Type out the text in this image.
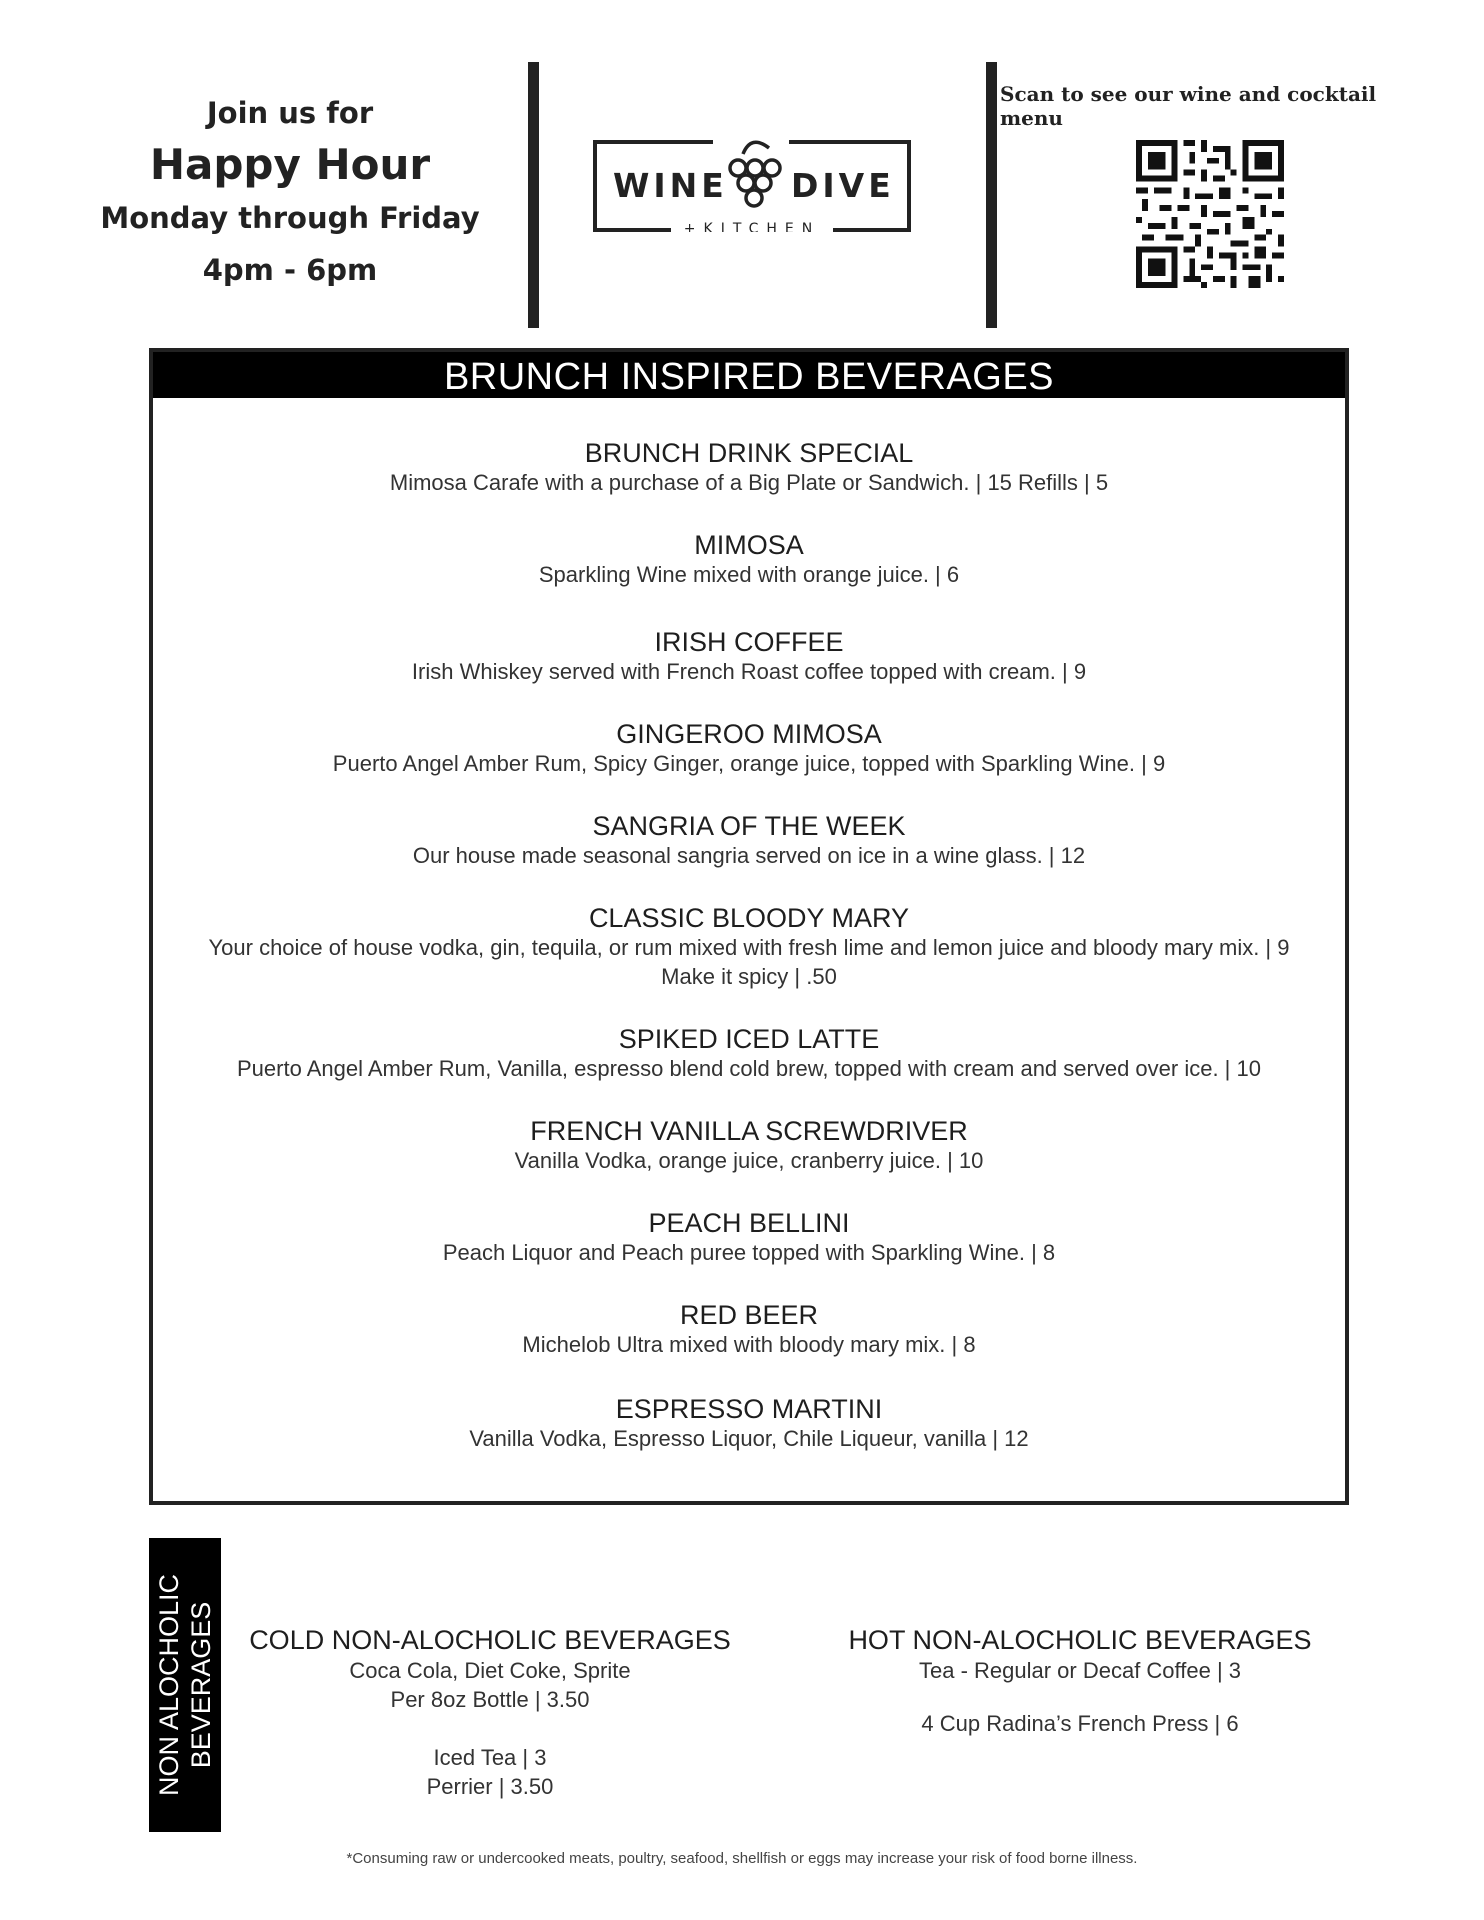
Join us for
Happy Hour
Monday through Friday
4pm - 6pm
WINE DIVE
+KITCHEN
Scan to see our wine and cocktail menu
BRUNCH INSPIRED BEVERAGES
BRUNCH DRINK SPECIAL
Mimosa Carafe with a purchase of a Big Plate or Sandwich. | 15 Refills | 5
MIMOSA
Sparkling Wine mixed with orange juice. | 6
IRISH COFFEE
Irish Whiskey served with French Roast coffee topped with cream. | 9
GINGEROO MIMOSA
Puerto Angel Amber Rum, Spicy Ginger, orange juice, topped with Sparkling Wine. | 9
SANGRIA OF THE WEEK
Our house made seasonal sangria served on ice in a wine glass. | 12
CLASSIC BLOODY MARY
Your choice of house vodka, gin, tequila, or rum mixed with fresh lime and lemon juice and bloody mary mix. | 9
Make it spicy | .50
SPIKED ICED LATTE
Puerto Angel Amber Rum, Vanilla, espresso blend cold brew, topped with cream and served over ice. | 10
FRENCH VANILLA SCREWDRIVER
Vanilla Vodka, orange juice, cranberry juice. | 10
PEACH BELLINI
Peach Liquor and Peach puree topped with Sparkling Wine. | 8
RED BEER
Michelob Ultra mixed with bloody mary mix. | 8
ESPRESSO MARTINI
Vanilla Vodka, Espresso Liquor, Chile Liqueur, vanilla | 12
NON ALOCHOLIC BEVERAGES	COLD NON-ALOCHOLIC BEVERAGES
Coca Cola, Diet Coke, Sprite
Per 8oz Bottle | 3.50
Iced Tea | 3
Perrier | 3.50
HOT NON-ALOCHOLIC BEVERAGES
Tea - Regular or Decaf Coffee | 3
4 Cup Radina’s French Press | 6
*Consuming raw or undercooked meats, poultry, seafood, shellfish or eggs may increase your risk of food borne illness.
